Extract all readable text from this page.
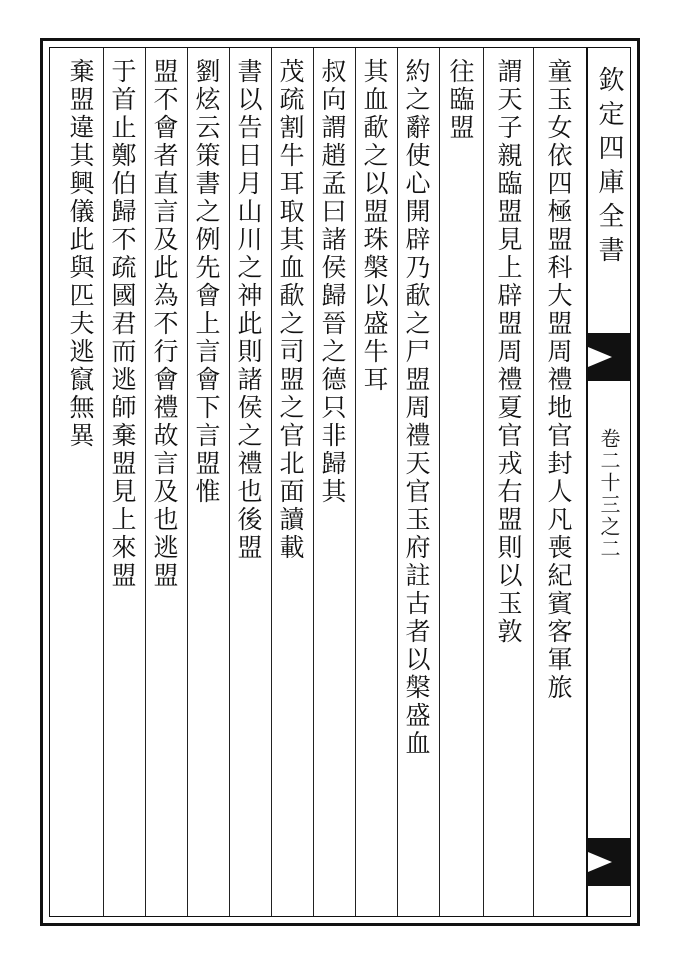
欽定四庫全書
卷二十三之二
童玉女依四極盟科大盟周禮地官封人凡喪紀賓客軍旅
謂天子親臨盟見上辟盟周禮夏官戎右盟則以玉敦
往臨盟
約之辭使心開辟乃歃之尸盟周禮天官玉府註古者以槃盛血
其血歃之以盟珠槃以盛牛耳
叔向謂趙孟曰諸侯歸晉之德只非歸其
茂疏割牛耳取其血歃之司盟之官北面讀載
書以告日月山川之神此則諸侯之禮也後盟
劉炫云策書之例先會上言會下言盟惟
盟不會者直言及此為不行會禮故言及也逃盟
于首止鄭伯歸不疏國君而逃師棄盟見上來盟
棄盟違其興儀此與匹夫逃竄無異
